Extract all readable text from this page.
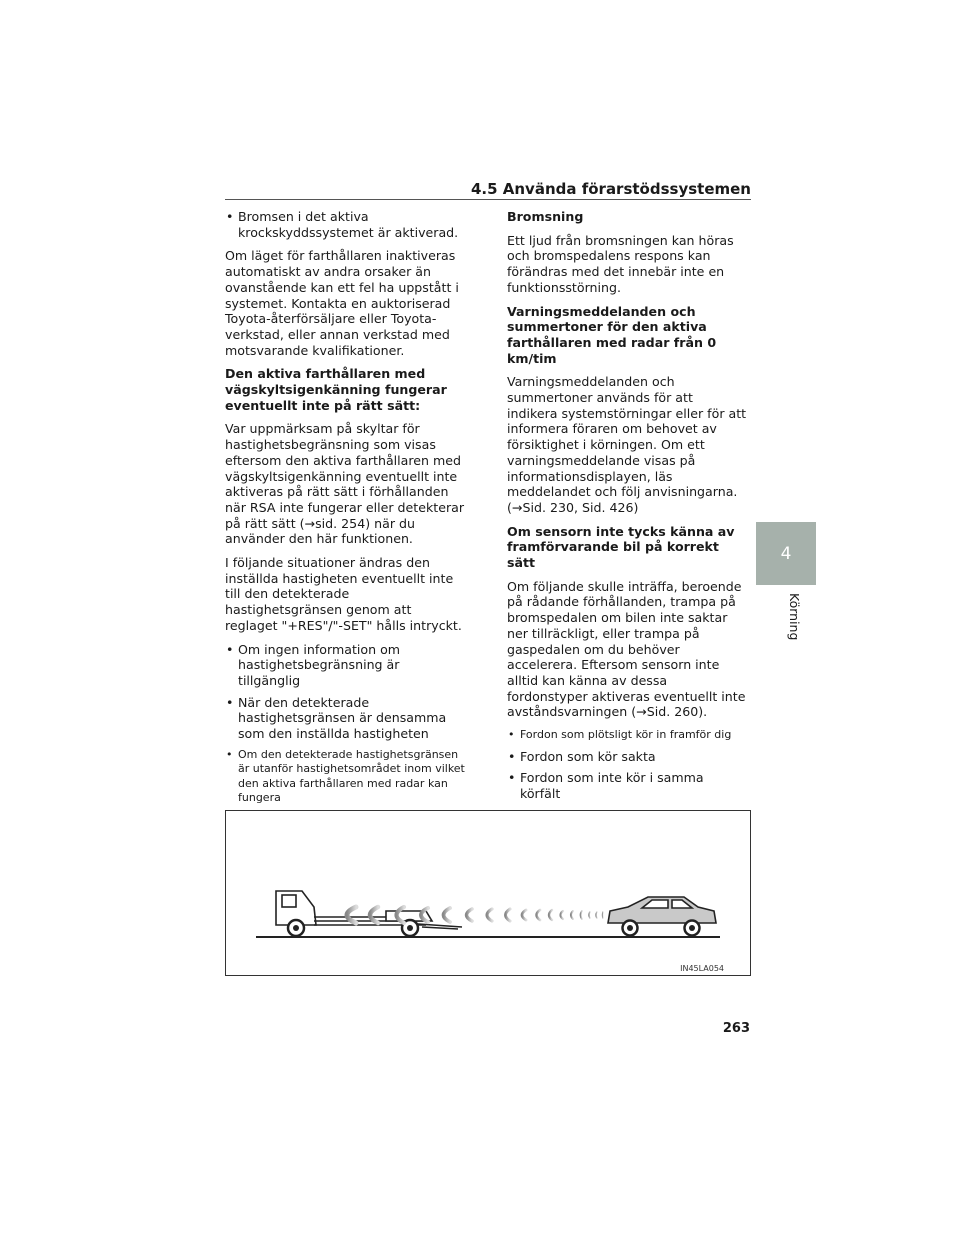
4.5 Använda förarstödssystemen
• Bromsen i det aktiva krockskyddssystemet är aktiverad.

Om läget för farthållaren inaktiveras automatiskt av andra orsaker än ovanstående kan ett fel ha uppstått i systemet. Kontakta en auktoriserad Toyota-återförsäljare eller Toyota-verkstad, eller annan verkstad med motsvarande kvalifikationer.

Den aktiva farthållaren med vägskyltsigenkänning fungerar eventuellt inte på rätt sätt:

Var uppmärksam på skyltar för hastighetsbegränsning som visas eftersom den aktiva farthållaren med vägskyltsigenkänning eventuellt inte aktiveras på rätt sätt i förhållanden när RSA inte fungerar eller detekterar på rätt sätt (→sid. 254) när du använder den här funktionen.

I följande situationer ändras den inställda hastigheten eventuellt inte till den detekterade hastighetsgränsen genom att reglaget "+RES"/"-SET" hålls intryckt.

• Om ingen information om hastighetsbegränsning är tillgänglig
• När den detekterade hastighetsgränsen är densamma som den inställda hastigheten
• Om den detekterade hastighetsgränsen är utanför hastighetsområdet inom vilket den aktiva farthållaren med radar kan fungera

Bromsning

Ett ljud från bromsningen kan höras och bromspedalens respons kan förändras med det innebär inte en funktionsstörning.

Varningsmeddelanden och summertoner för den aktiva farthållaren med radar från 0 km/tim

Varningsmeddelanden och summertoner används för att indikera systemstörningar eller för att informera föraren om behovet av försiktighet i körningen. Om ett varningsmeddelande visas på informationsdisplayen, läs meddelandet och följ anvisningarna. (→Sid. 230, Sid. 426)

Om sensorn inte tycks känna av framförvarande bil på korrekt sätt

Om följande skulle inträffa, beroende på rådande förhållanden, trampa på bromspedalen om bilen inte saktar ner tillräckligt, eller trampa på gaspedalen om du behöver accelerera. Eftersom sensorn inte alltid kan känna av dessa fordonstyper aktiveras eventuellt inte avståndsvarningen (→Sid. 260).

• Fordon som plötsligt kör in framför dig
• Fordon som kör sakta
• Fordon som inte kör i samma körfält
•
4
Körning
IN45LA054
263
